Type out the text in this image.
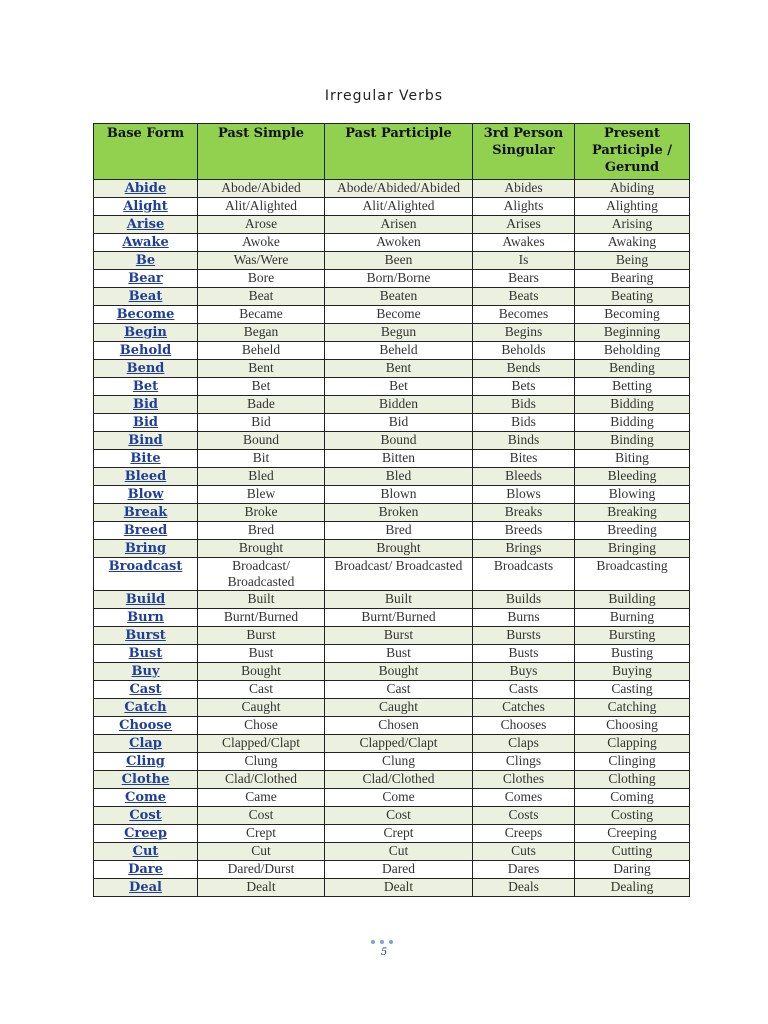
Irregular Verbs
Base Form	Past Simple	Past Participle	3rd Person Singular	Present Participle / Gerund
Abide	Abode/Abided	Abode/Abided/Abided	Abides	Abiding
Alight	Alit/Alighted	Alit/Alighted	Alights	Alighting
Arise	Arose	Arisen	Arises	Arising
Awake	Awoke	Awoken	Awakes	Awaking
Be	Was/Were	Been	Is	Being
Bear	Bore	Born/Borne	Bears	Bearing
Beat	Beat	Beaten	Beats	Beating
Become	Became	Become	Becomes	Becoming
Begin	Began	Begun	Begins	Beginning
Behold	Beheld	Beheld	Beholds	Beholding
Bend	Bent	Bent	Bends	Bending
Bet	Bet	Bet	Bets	Betting
Bid	Bade	Bidden	Bids	Bidding
Bid	Bid	Bid	Bids	Bidding
Bind	Bound	Bound	Binds	Binding
Bite	Bit	Bitten	Bites	Biting
Bleed	Bled	Bled	Bleeds	Bleeding
Blow	Blew	Blown	Blows	Blowing
Break	Broke	Broken	Breaks	Breaking
Breed	Bred	Bred	Breeds	Breeding
Bring	Brought	Brought	Brings	Bringing
Broadcast	Broadcast/ Broadcasted	Broadcast/ Broadcasted	Broadcasts	Broadcasting
Build	Built	Built	Builds	Building
Burn	Burnt/Burned	Burnt/Burned	Burns	Burning
Burst	Burst	Burst	Bursts	Bursting
Bust	Bust	Bust	Busts	Busting
Buy	Bought	Bought	Buys	Buying
Cast	Cast	Cast	Casts	Casting
Catch	Caught	Caught	Catches	Catching
Choose	Chose	Chosen	Chooses	Choosing
Clap	Clapped/Clapt	Clapped/Clapt	Claps	Clapping
Cling	Clung	Clung	Clings	Clinging
Clothe	Clad/Clothed	Clad/Clothed	Clothes	Clothing
Come	Came	Come	Comes	Coming
Cost	Cost	Cost	Costs	Costing
Creep	Crept	Crept	Creeps	Creeping
Cut	Cut	Cut	Cuts	Cutting
Dare	Dared/Durst	Dared	Dares	Daring
Deal	Dealt	Dealt	Deals	Dealing
5
